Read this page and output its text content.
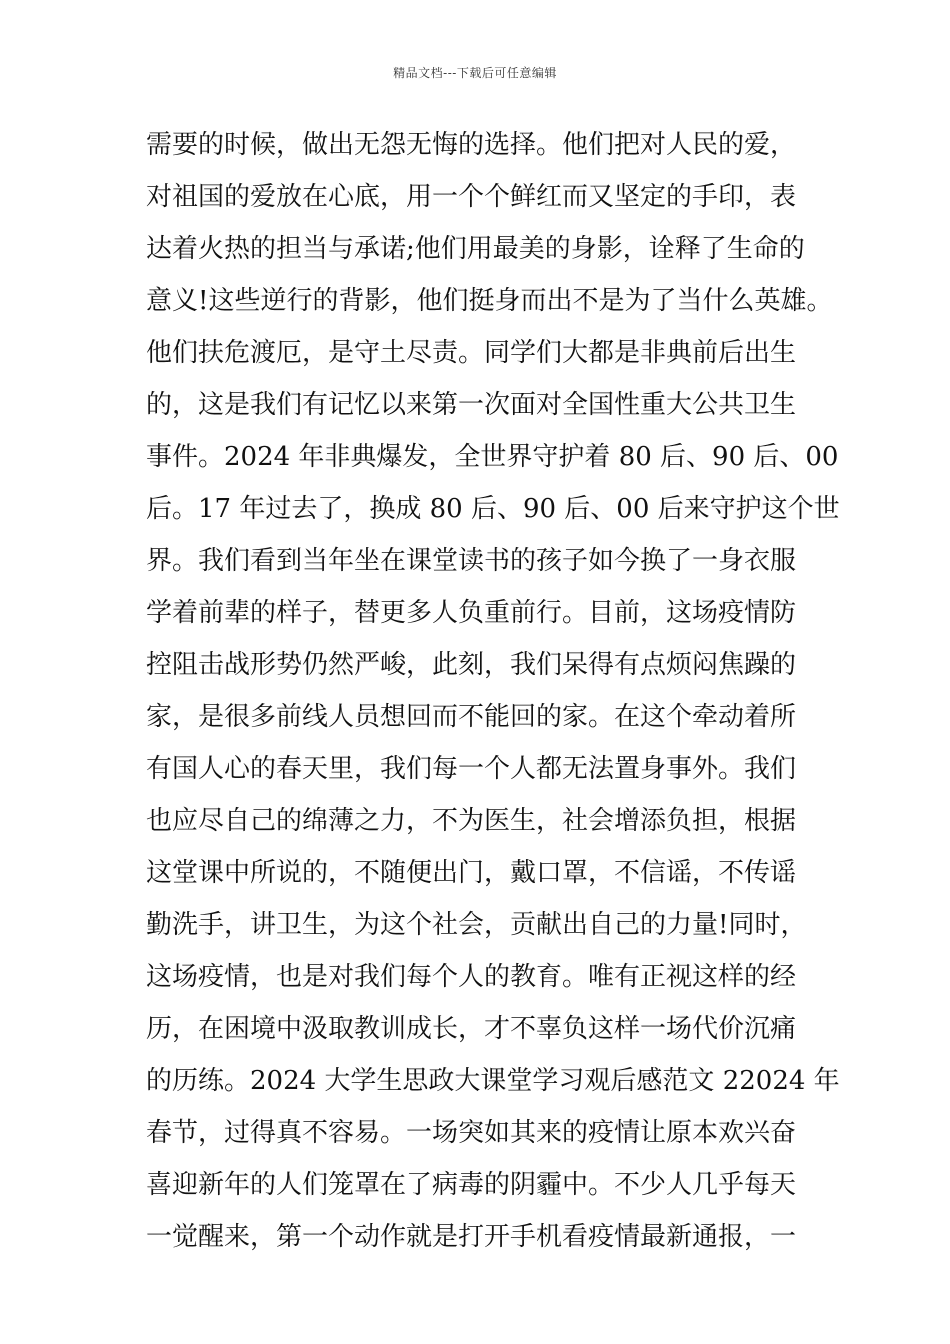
精品文档---下载后可任意编辑
需要的时候，做出无怨无悔的选择。他们把对人民的爱，
对祖国的爱放在心底，用一个个鲜红而又坚定的手印，表
达着火热的担当与承诺;他们用最美的身影，诠释了生命的
意义!这些逆行的背影，他们挺身而出不是为了当什么英雄。
他们扶危渡厄，是守土尽责。同学们大都是非典前后出生
的，这是我们有记忆以来第一次面对全国性重大公共卫生
事件。2024 年非典爆发，全世界守护着 80 后、90 后、00
后。17 年过去了，换成 80 后、90 后、00 后来守护这个世
界。我们看到当年坐在课堂读书的孩子如今换了一身衣服
学着前辈的样子，替更多人负重前行。目前，这场疫情防
控阻击战形势仍然严峻，此刻，我们呆得有点烦闷焦躁的
家，是很多前线人员想回而不能回的家。在这个牵动着所
有国人心的春天里，我们每一个人都无法置身事外。我们
也应尽自己的绵薄之力，不为医生，社会增添负担，根据
这堂课中所说的，不随便出门，戴口罩，不信谣，不传谣
勤洗手，讲卫生，为这个社会，贡献出自己的力量!同时，
这场疫情，也是对我们每个人的教育。唯有正视这样的经
历，在困境中汲取教训成长，才不辜负这样一场代价沉痛
的历练。2024 大学生思政大课堂学习观后感范文 22024 年
春节，过得真不容易。一场突如其来的疫情让原本欢兴奋
喜迎新年的人们笼罩在了病毒的阴霾中。不少人几乎每天
一觉醒来，第一个动作就是打开手机看疫情最新通报，一
